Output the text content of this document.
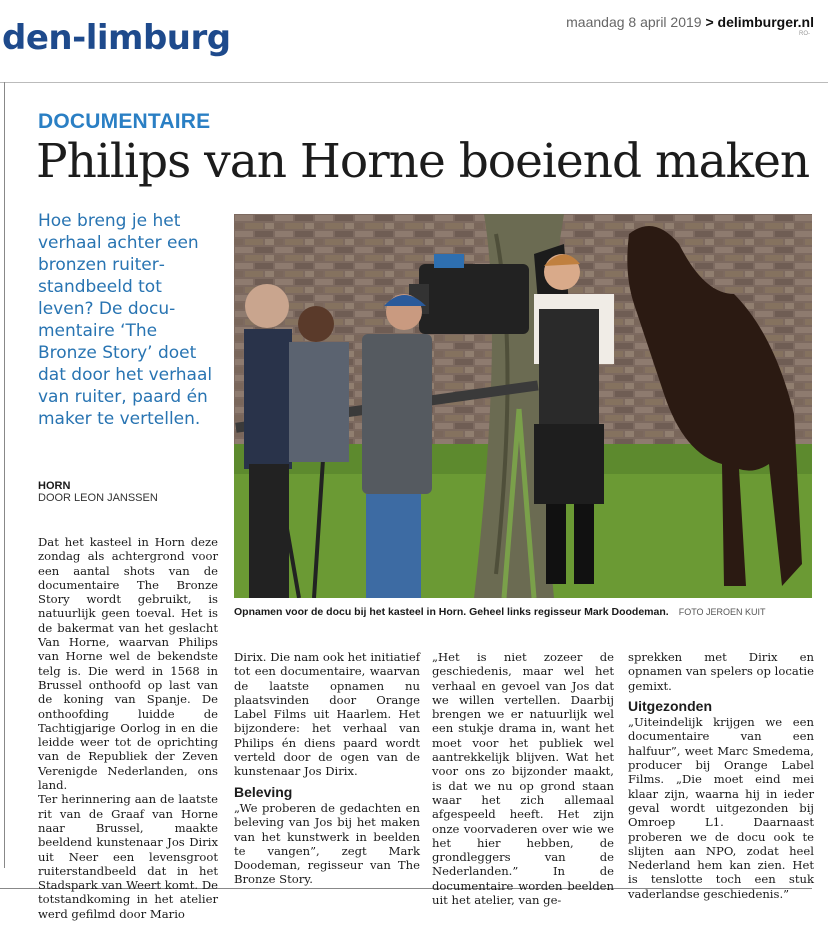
den-limburg	maandag 8 april 2019 > delimburger.nl
RO-
DOCUMENTAIRE
Philips van Horne boeiend maken
Hoe breng je het verhaal achter een bronzen ruiterstandbeeld tot leven? De documentaire ‘The Bronze Story’ doet dat door het verhaal van ruiter, paard én maker te vertellen.
HORN
DOOR LEON JANSSEN
Opnamen voor de docu bij het kasteel in Horn. Geheel links regisseur Mark Doodeman. FOTO JEROEN KUIT

Dat het kasteel in Horn deze zondag als achtergrond voor een aantal shots van de documentaire The Bronze Story wordt gebruikt, is natuurlijk geen toeval. Het is de bakermat van het geslacht Van Horne, waarvan Philips van Horne wel de bekendste telg is. Die werd in 1568 in Brussel onthoofd op last van de koning van Spanje. De onthoofding luidde de Tachtigjarige Oorlog in en die leidde weer tot de oprichting van de Republiek der Zeven Verenigde Nederlanden, ons land.

Ter herinnering aan de laatste rit van de Graaf van Horne naar Brussel, maakte beeldend kunstenaar Jos Dirix uit Neer een levensgroot ruiterstandbeeld dat in het Stadspark van Weert komt. De totstandkoming in het atelier werd gefilmd door Mario

Dirix. Die nam ook het initiatief tot een documentaire, waarvan de laatste opnamen nu plaatsvinden door Orange Label Films uit Haarlem. Het bijzondere: het verhaal van Philips én diens paard wordt verteld door de ogen van de kunstenaar Jos Dirix.

Beleving

„We proberen de gedachten en beleving van Jos bij het maken van het kunstwerk in beelden te vangen”, zegt Mark Doodeman, regisseur van The Bronze Story.

„Het is niet zozeer de geschiedenis, maar wel het verhaal en gevoel van Jos dat we willen vertellen. Daarbij brengen we er natuurlijk wel een stukje drama in, want het moet voor het publiek wel aantrekkelijk blijven. Wat het voor ons zo bijzonder maakt, is dat we nu op grond staan waar het zich allemaal afgespeeld heeft. Het zijn onze voorvaderen over wie we het hier hebben, de grondleggers van de Nederlanden.” In de documentaire worden beelden uit het atelier, van ge-

sprekken met Dirix en opnamen van spelers op locatie gemixt.

Uitgezonden

„Uiteindelijk krijgen we een documentaire van een halfuur”, weet Marc Smedema, producer bij Orange Label Films. „Die moet eind mei klaar zijn, waarna hij in ieder geval wordt uitgezonden bij Omroep L1. Daarnaast proberen we de docu ook te slijten aan NPO, zodat heel Nederland hem kan zien. Het is tenslotte toch een stuk vaderlandse geschiedenis.”
